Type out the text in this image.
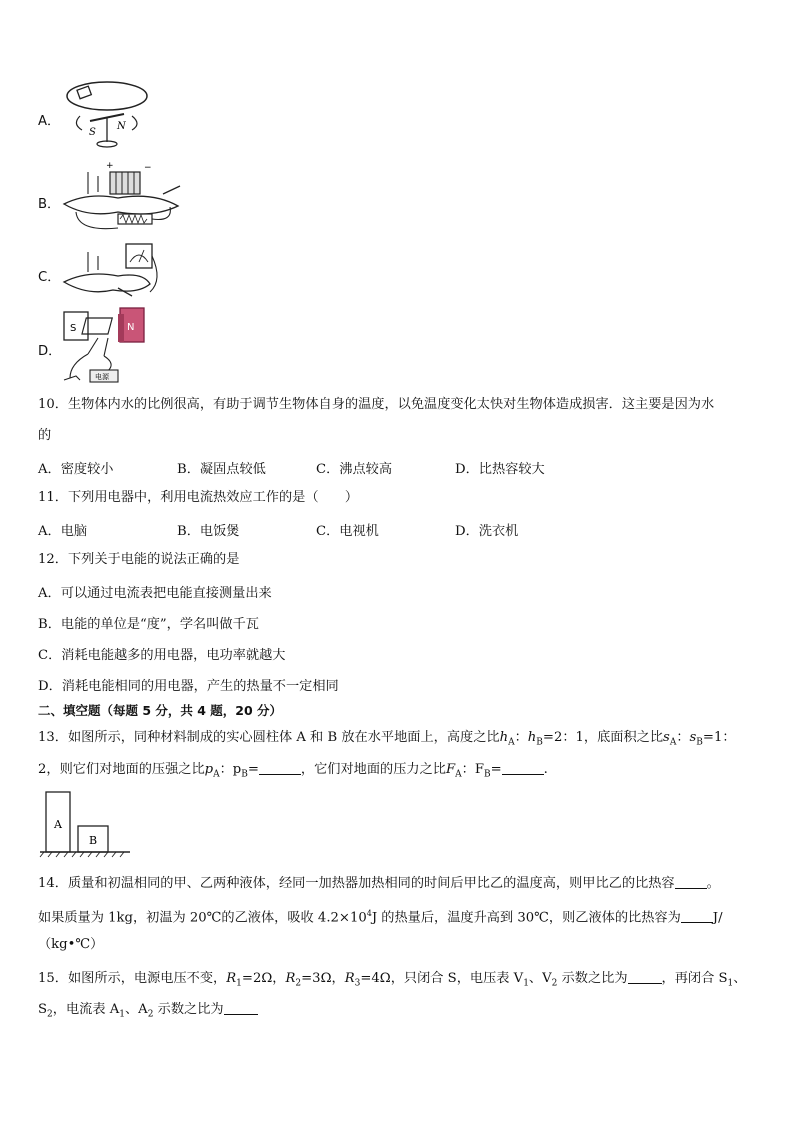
A．
S
N
B．
+	−
C．
D．
S	N
电源
10．生物体内水的比例很高，有助于调节生物体自身的温度，以免温度变化太快对生物体造成损害．这主要是因为水
的
A．密度较小	B．凝固点较低	C．沸点较高	D．比热容较大
11．下列用电器中，利用电流热效应工作的是（　　）
A．电脑	B．电饭煲	C．电视机	D．洗衣机
12．下列关于电能的说法正确的是
A．可以通过电流表把电能直接测量出来
B．电能的单位是“度”，学名叫做千瓦
C．消耗电能越多的用电器，电功率就越大
D．消耗电能相同的用电器，产生的热量不一定相同
二、填空题（每题 5 分，共 4 题，20 分）
13．如图所示，同种材料制成的实心圆柱体 A 和 B 放在水平地面上，高度之比$h_A$：$h_B=2$：1，底面积之比$s_A$：$s_B=1$：
2，则它们对地面的压强之比$p_A$：$p_B=$	，它们对地面的压力之比$F_A$：$F_B=$	.
A
B
14．质量和初温相同的甲、乙两种液体，经同一加热器加热相同的时间后甲比乙的温度高，则甲比乙的比热容 。
如果质量为 1kg，初温为 20℃的乙液体，吸收 $4.2\times 10^4J$ 的热量后，温度升高到 30℃，则乙液体的比热容为 J/
（kg•℃）
15．如图所示，电源电压不变，$R_1=2\Omega$，$R_2=3\Omega$，$R_3=4\Omega$，只闭合 S，电压表 $V_1$、$V_2$ 示数之比为	，再闭合 $S_1$、
$S_2$，电流表 $A_1$、$A_2$ 示数之比为
